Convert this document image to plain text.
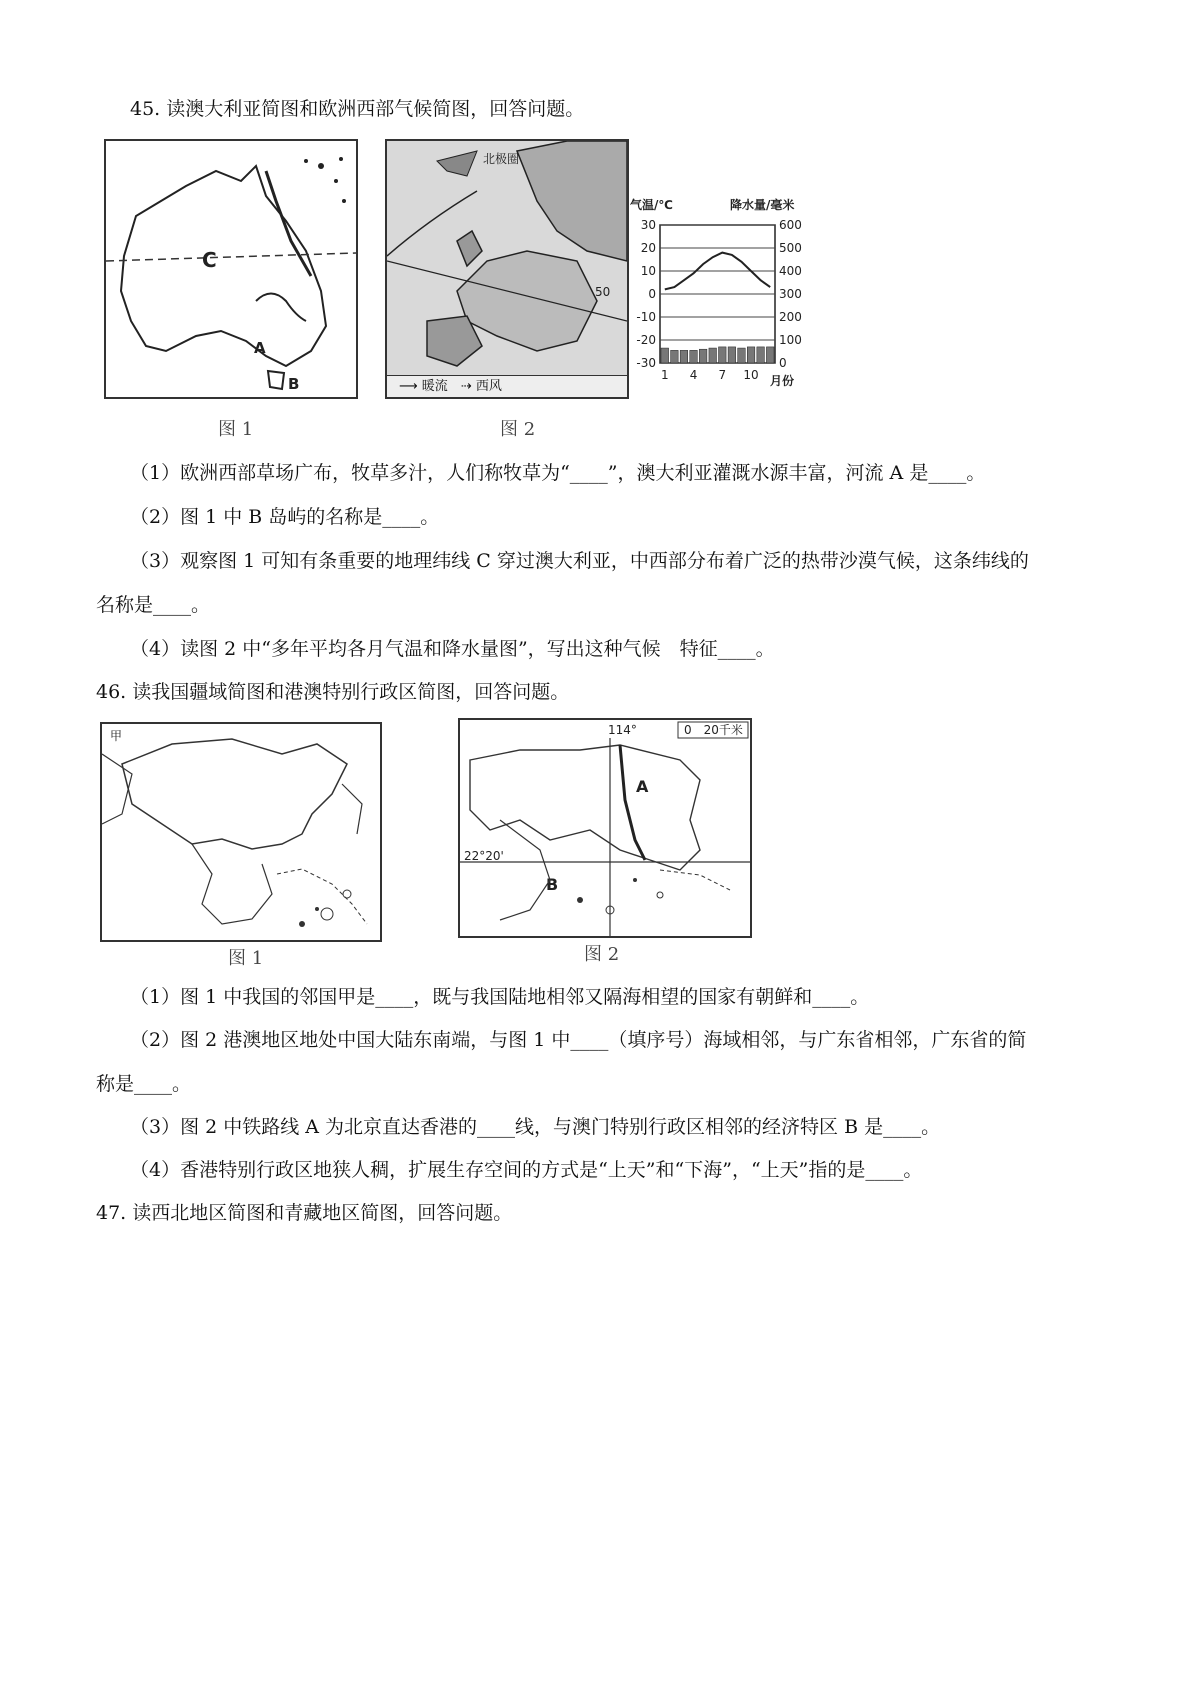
45. 读澳大利亚简图和欧洲西部气候简图，回答问题。
C
A
B
图 1
北极圈
50
⟶ 暖流　⇢ 西风
图 2
气温/℃	降水量/毫米
30
20
10
0
-10
-20
-30
600
500
400
300
200
100
0
1 4 7 10 月份
（1）欧洲西部草场广布，牧草多汁，人们称牧草为“____”，澳大利亚灌溉水源丰富，河流 A 是____。
（2）图 1 中 B 岛屿的名称是____。
（3）观察图 1 可知有条重要的地理纬线 C 穿过澳大利亚，中西部分布着广泛的热带沙漠气候，这条纬线的
名称是____。
（4）读图 2 中“多年平均各月气温和降水量图”，写出这种气候　特征____。
46. 读我国疆域简图和港澳特别行政区简图，回答问题。
甲
图 1
114°	0　20千米
22°20'
A
B
图 2
（1）图 1 中我国的邻国甲是____，既与我国陆地相邻又隔海相望的国家有朝鲜和____。
（2）图 2 港澳地区地处中国大陆东南端，与图 1 中____（填序号）海域相邻，与广东省相邻，广东省的简
称是____。
（3）图 2 中铁路线 A 为北京直达香港的____线，与澳门特别行政区相邻的经济特区 B 是____。
（4）香港特别行政区地狭人稠，扩展生存空间的方式是“上天”和“下海”，“上天”指的是____。
47. 读西北地区简图和青藏地区简图，回答问题。
